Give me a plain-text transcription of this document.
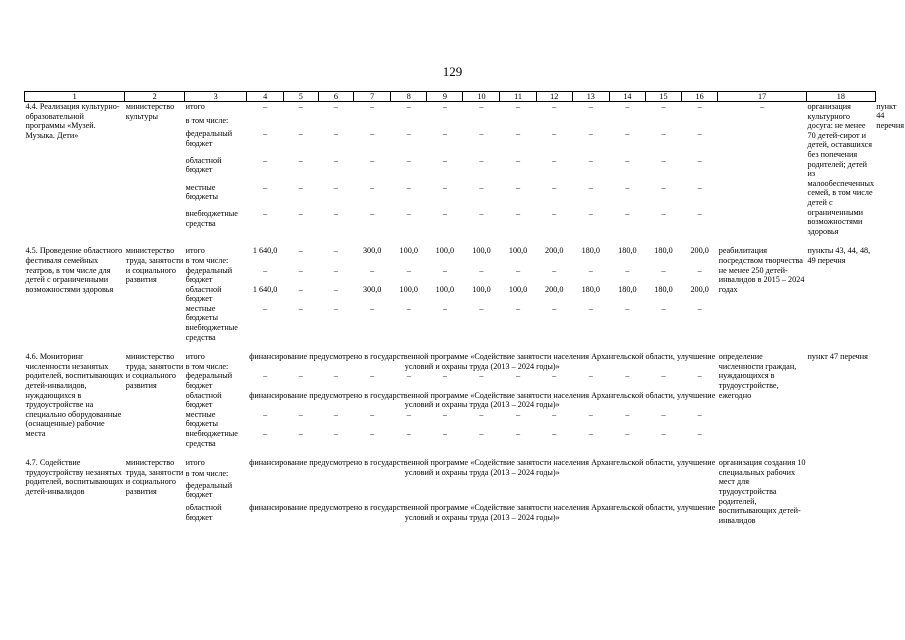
129
1	2	3	4	5	6	7	8	9	10	11	12	13	14	15	16	17	18	
4.4. Реализация культурно-образовательной программы «Музей. Музыка. Дети»	министерство культуры	итого	–	–	–	–	–	–	–	–	–	–	–	–	–	–	организация культурного досуга: не менее 70 детей-сирот и детей, оставшихся без попечения родителей; детей из малообеспеченных семей, в том числе детей с ограниченными возможностями здоровья	пункт 44 перечня
		в том числе:																
		федеральный бюджет	–	–	–	–	–	–	–	–	–	–	–	–	–			
		областной бюджет	–	–	–	–	–	–	–	–	–	–	–	–	–			
		местные бюджеты	–	–	–	–	–	–	–	–	–	–	–	–	–			
		внебюджетные средства	–	–	–	–	–	–	–	–	–	–	–	–	–			

4.5. Проведение областного фестиваля семейных театров, в том числе для детей с ограниченными возможностями здоровья	министерство труда, занятости и социального развития	итого	1 640,0	–	–	300,0	100,0	100,0	100,0	100,0	200,0	180,0	180,0	180,0	200,0	реабилитация посредством творчества не менее 250 детей-инвалидов в 2015 – 2024 годах	пункты 43, 44, 48, 49 перечня	
		в том числе:																
		федеральный бюджет	–	–	–	–	–	–	–	–	–	–	–	–	–			
		областной бюджет	1 640,0	–	–	300,0	100,0	100,0	100,0	100,0	200,0	180,0	180,0	180,0	200,0			
		местные бюджеты	–	–	–	–	–	–	–	–	–	–	–	–	–			
		внебюджетные средства																

4.6. Мониторинг численности незанятых родителей, воспитывающих детей-инвалидов, нуждающихся в трудоустройстве на специально оборудованные (оснащенные) рабочие места	министерство труда, занятости и социального развития	итого	финансирование предусмотрено в государственной программе «Содействие занятости населения Архангельской области, улучшение условий и охраны труда (2013 – 2024 годы)»													определение численности граждан, нуждающихся в трудоустройстве, ежегодно	пункт 47 перечня	
		в том числе:																
		федеральный бюджет	–	–	–	–	–	–	–	–	–	–	–	–	–			
		областной бюджет	финансирование предусмотрено в государственной программе «Содействие занятости населения Архангельской области, улучшение условий и охраны труда (2013 – 2024 годы)»															
		местные бюджеты	–	–	–	–	–	–	–	–	–	–	–	–	–			
		внебюджетные средства	–	–	–	–	–	–	–	–	–	–	–	–	–			

4.7. Содействие трудоустройству незанятых родителей, воспитывающих детей-инвалидов	министерство труда, занятости и социального развития	итого	финансирование предусмотрено в государственной программе «Содействие занятости населения Архангельской области, улучшение условий и охраны труда (2013 – 2024 годы)»													организация создания 10 специальных рабочих мест для трудоустройства родителей, воспитывающих детей-инвалидов		
		в том числе:																
		федеральный бюджет																
		областной бюджет	финансирование предусмотрено в государственной программе «Содействие занятости населения Архангельской области, улучшение условий и охраны труда (2013 – 2024 годы)»															
